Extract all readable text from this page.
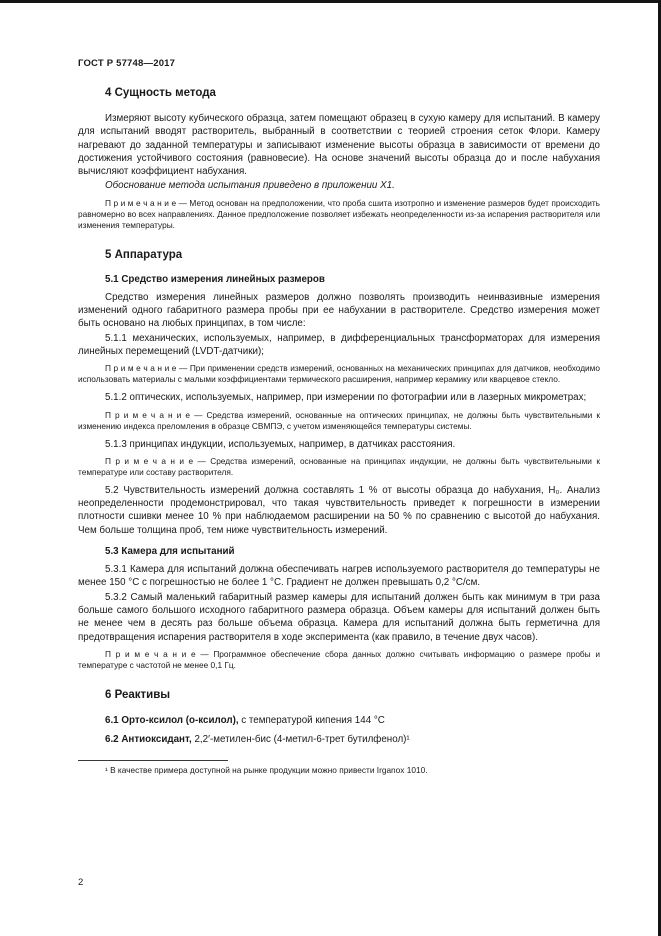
ГОСТ Р 57748—2017
4 Сущность метода

Измеряют высоту кубического образца, затем помещают образец в сухую камеру для испытаний. В камеру для испытаний вводят растворитель, выбранный в соответствии с теорией строения сеток Флори. Камеру нагревают до заданной температуры и записывают изменение высоты образца в зависимости от времени до достижения устойчивого состояния (равновесие). На основе значений высоты образца до и после набухания вычисляют коэффициент набухания.

Обоснование метода испытания приведено в приложении Х1.

П р и м е ч а н и е — Метод основан на предположении, что проба сшита изотропно и изменение размеров будет происходить равномерно во всех направлениях. Данное предположение позволяет избежать неопределенности из-за испарения растворителя или изменения температуры.

5 Аппаратура
5.1 Средство измерения линейных размеров

Средство измерения линейных размеров должно позволять производить неинвазивные измерения изменений одного габаритного размера пробы при ее набухании в растворителе. Средство измерения может быть основано на любых принципах, в том числе:

5.1.1 механических, используемых, например, в дифференциальных трансформаторах для измерения линейных перемещений (LVDT-датчики);

П р и м е ч а н и е — При применении средств измерений, основанных на механических принципах для датчиков, необходимо использовать материалы с малыми коэффициентами термического расширения, например керамику или кварцевое стекло.

5.1.2 оптических, используемых, например, при измерении по фотографии или в лазерных микрометрах;

П р и м е ч а н и е — Средства измерений, основанные на оптических принципах, не должны быть чувствительными к изменению индекса преломления в образце СВМПЭ, с учетом изменяющейся температуры системы.

5.1.3 принципах индукции, используемых, например, в датчиках расстояния.

П р и м е ч а н и е — Средства измерений, основанные на принципах индукции, не должны быть чувствительными к температуре или составу растворителя.

5.2 Чувствительность измерений должна составлять 1 % от высоты образца до набухания, Н₀. Анализ неопределенности продемонстрировал, что такая чувствительность приведет к погрешности в измерении плотности сшивки менее 10 % при наблюдаемом расширении на 50 % по сравнению с высотой до набухания. Чем больше толщина проб, тем ниже чувствительность измерений.

5.3 Камера для испытаний

5.3.1 Камера для испытаний должна обеспечивать нагрев используемого растворителя до температуры не менее 150 °С с погрешностью не более 1 °С. Градиент не должен превышать 0,2 °С/см.

5.3.2 Самый маленький габаритный размер камеры для испытаний должен быть как минимум в три раза больше самого большого исходного габаритного размера образца. Объем камеры для испытаний должен быть не менее чем в десять раз больше объема образца. Камера для испытаний должна быть герметична для предотвращения испарения растворителя в ходе эксперимента (как правило, в течение двух часов).

П р и м е ч а н и е — Программное обеспечение сбора данных должно считывать информацию о размере пробы и температуре с частотой не менее 0,1 Гц.

6 Реактивы

6.1 Орто-ксилол (о-ксилол), с температурой кипения 144 °С

6.2 Антиоксидант, 2,2′-метилен-бис (4-метил-6-трет бутилфенол)¹

¹ В качестве примера доступной на рынке продукции можно привести Irganox 1010.

2
